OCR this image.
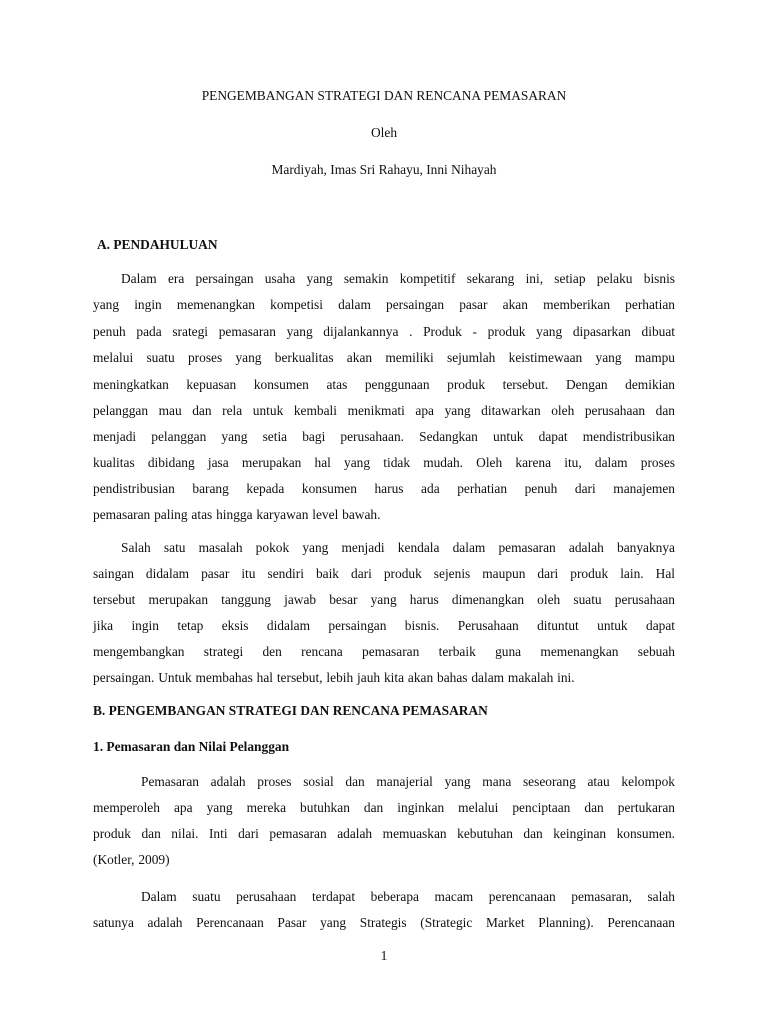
PENGEMBANGAN STRATEGI DAN RENCANA PEMASARAN
Oleh
Mardiyah, Imas Sri Rahayu, Inni Nihayah
A. PENDAHULUAN
Dalam era persaingan usaha yang semakin kompetitif sekarang ini, setiap pelaku bisnis
yang ingin memenangkan kompetisi dalam persaingan pasar akan memberikan perhatian
penuh pada srategi pemasaran yang dijalankannya . Produk - produk yang dipasarkan dibuat
melalui suatu proses yang berkualitas akan memiliki sejumlah keistimewaan yang mampu
meningkatkan kepuasan konsumen atas penggunaan produk tersebut. Dengan demikian
pelanggan mau dan rela untuk kembali menikmati apa yang ditawarkan oleh perusahaan dan
menjadi pelanggan yang setia bagi perusahaan. Sedangkan untuk dapat mendistribusikan
kualitas dibidang jasa merupakan hal yang tidak mudah. Oleh karena itu, dalam proses
pendistribusian barang kepada konsumen harus ada perhatian penuh dari manajemen
pemasaran paling atas hingga karyawan level bawah.
Salah satu masalah pokok yang menjadi kendala dalam pemasaran adalah banyaknya
saingan didalam pasar itu sendiri baik dari produk sejenis maupun dari produk lain. Hal
tersebut merupakan tanggung jawab besar yang harus dimenangkan oleh suatu perusahaan
jika ingin tetap eksis didalam persaingan bisnis. Perusahaan dituntut untuk dapat
mengembangkan strategi den rencana pemasaran terbaik guna memenangkan sebuah
persaingan. Untuk membahas hal tersebut, lebih jauh kita akan bahas dalam makalah ini.
B. PENGEMBANGAN STRATEGI DAN RENCANA PEMASARAN
1. Pemasaran dan Nilai Pelanggan
Pemasaran adalah proses sosial dan manajerial yang mana seseorang atau kelompok
memperoleh apa yang mereka butuhkan dan inginkan melalui penciptaan dan pertukaran
produk dan nilai. Inti dari pemasaran adalah memuaskan kebutuhan dan keinginan konsumen.
(Kotler, 2009)
Dalam suatu perusahaan terdapat beberapa macam perencanaan pemasaran, salah
satunya adalah Perencanaan Pasar yang Strategis (Strategic Market Planning). Perencanaan
1
